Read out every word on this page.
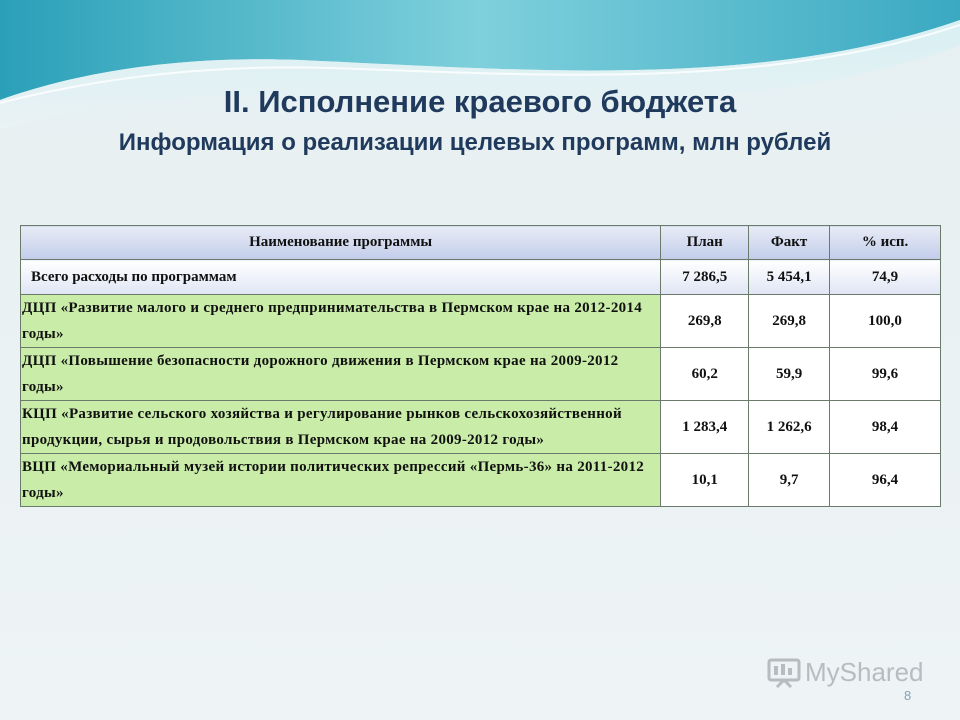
II. Исполнение краевого бюджета
Информация о реализации целевых программ, млн рублей
Наименование программы	План	Факт	% исп.
Всего расходы по программам	7 286,5	5 454,1	74,9
ДЦП «Развитие малого и среднего предпринимательства в Пермском крае на 2012-2014 годы»	269,8	269,8	100,0
ДЦП «Повышение безопасности дорожного движения в Пермском крае на 2009-2012 годы»	60,2	59,9	99,6
КЦП «Развитие сельского хозяйства и регулирование рынков сельскохозяйственной продукции, сырья и продовольствия в Пермском крае на 2009-2012 годы»	1 283,4	1 262,6	98,4
ВЦП «Мемориальный музей истории политических репрессий «Пермь-36» на 2011-2012 годы»	10,1	9,7	96,4
MyShared
8
